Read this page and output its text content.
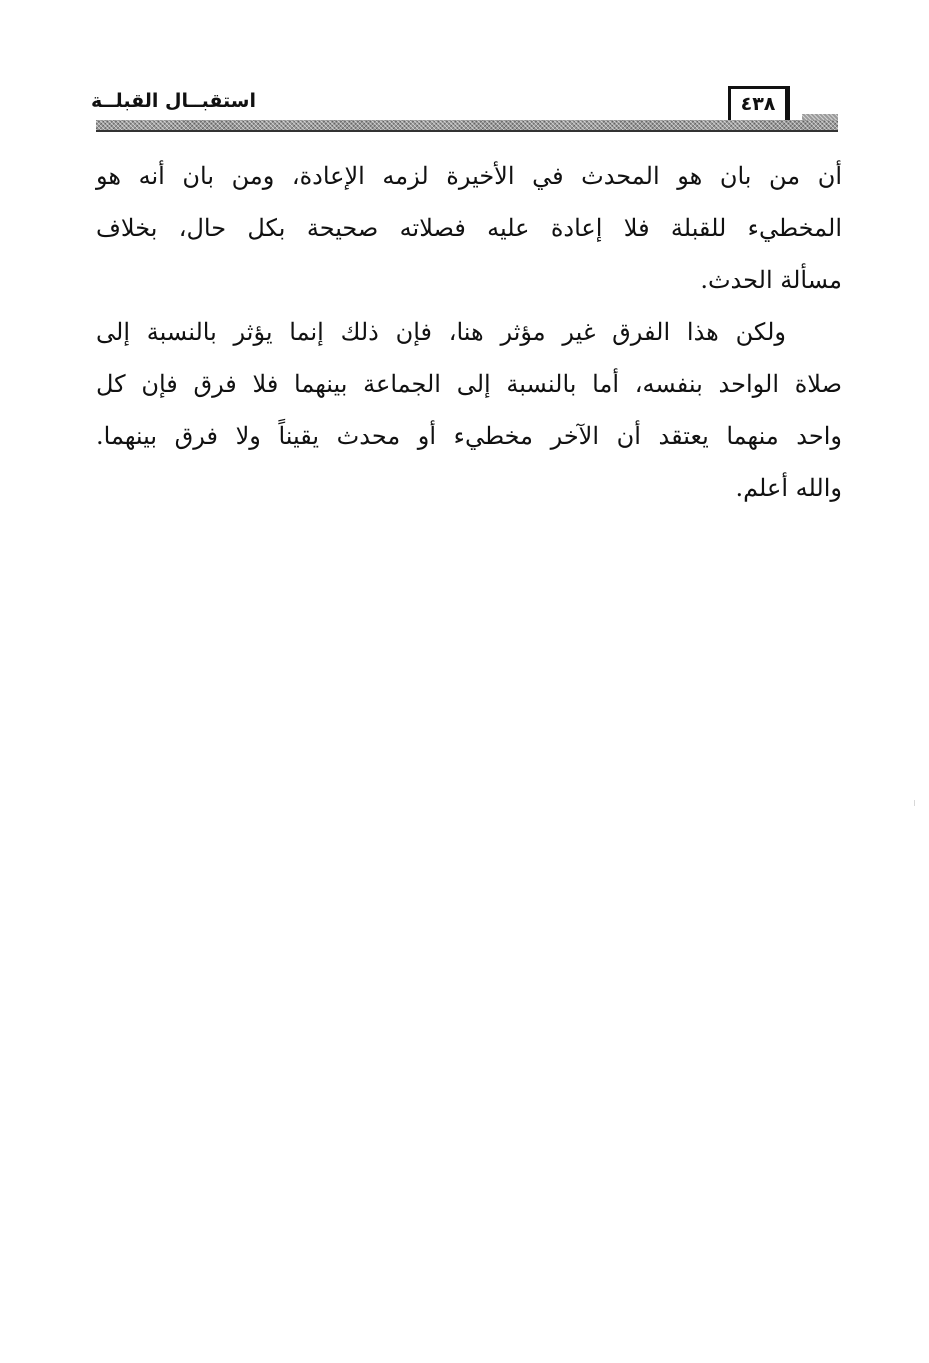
استقبــال القبلــة	٤٣٨

أن من بان هو المحدث في الأخيرة لزمه الإعادة، ومن بان أنه هو
المخطيء للقبلة فلا إعادة عليه فصلاته صحيحة بكل حال، بخلاف
مسألة الحدث.

ولكن هذا الفرق غير مؤثر هنا، فإن ذلك إنما يؤثر بالنسبة إلى
صلاة الواحد بنفسه، أما بالنسبة إلى الجماعة بينهما فلا فرق فإن كل
واحد منهما يعتقد أن الآخر مخطيء أو محدث يقيناً ولا فرق بينهما.
والله أعلم.
